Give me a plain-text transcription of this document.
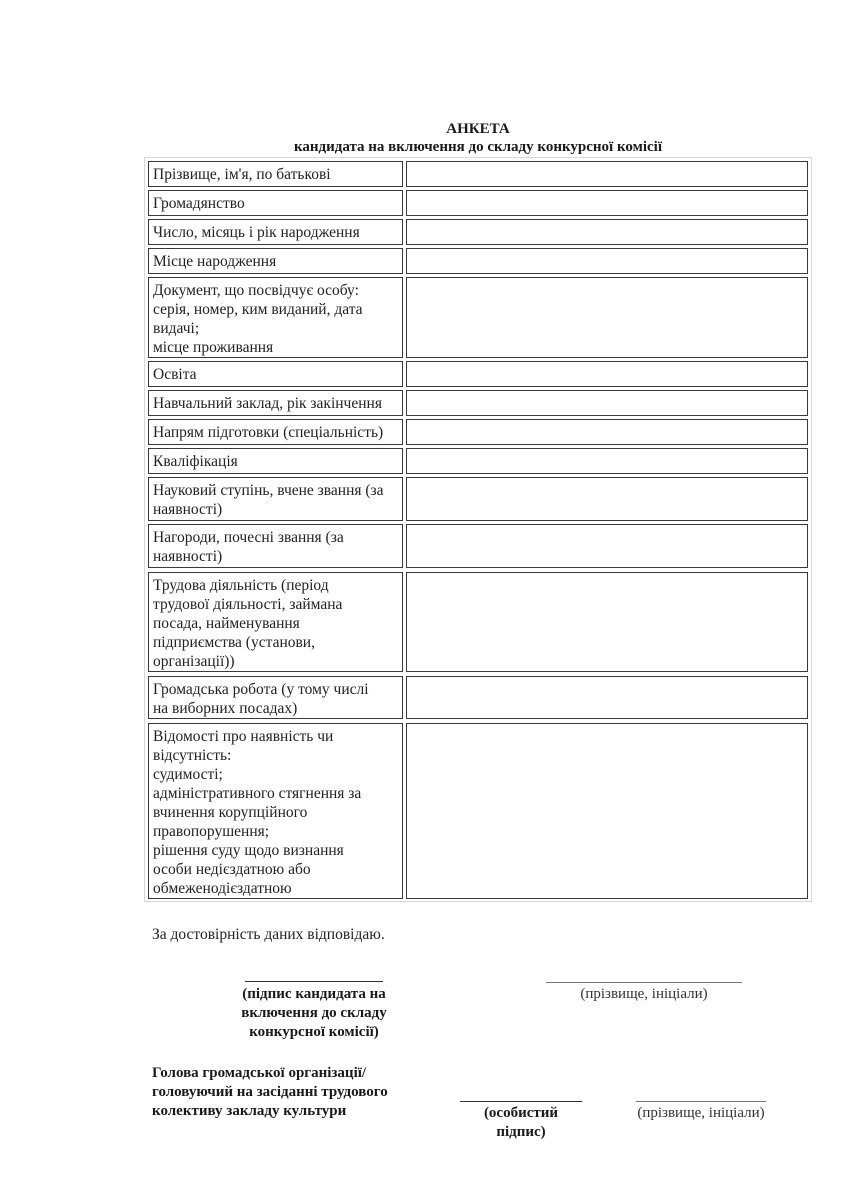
АНКЕТА
кандидата на включення до складу конкурсної комісії
Прізвище, ім'я, по батькові
Громадянство
Число, місяць і рік народження
Місце народження
Документ, що посвідчує особу:
серія, номер, ким виданий, дата
видачі;
місце проживання
Освіта
Навчальний заклад, рік закінчення
Напрям підготовки (спеціальність)
Кваліфікація
Науковий ступінь, вчене звання (за
наявності)
Нагороди, почесні звання (за
наявності)
Трудова діяльність (період
трудової діяльності, займана
посада, найменування
підприємства (установи,
організації))
Громадська робота (у тому числі
на виборних посадах)
Відомості про наявність чи
відсутність:
судимості;
адміністративного стягнення за
вчинення корупційного
правопорушення;
рішення суду щодо визнання
особи недієздатною або
обмеженодієздатною
За достовірність даних відповідаю.
(підпис кандидата на
включення до складу
конкурсної комісії)
(прізвище, ініціали)
Голова громадської організації/
головуючий на засіданні трудового
колективу закладу культури	(особистий
підпис)
(прізвище, ініціали)
